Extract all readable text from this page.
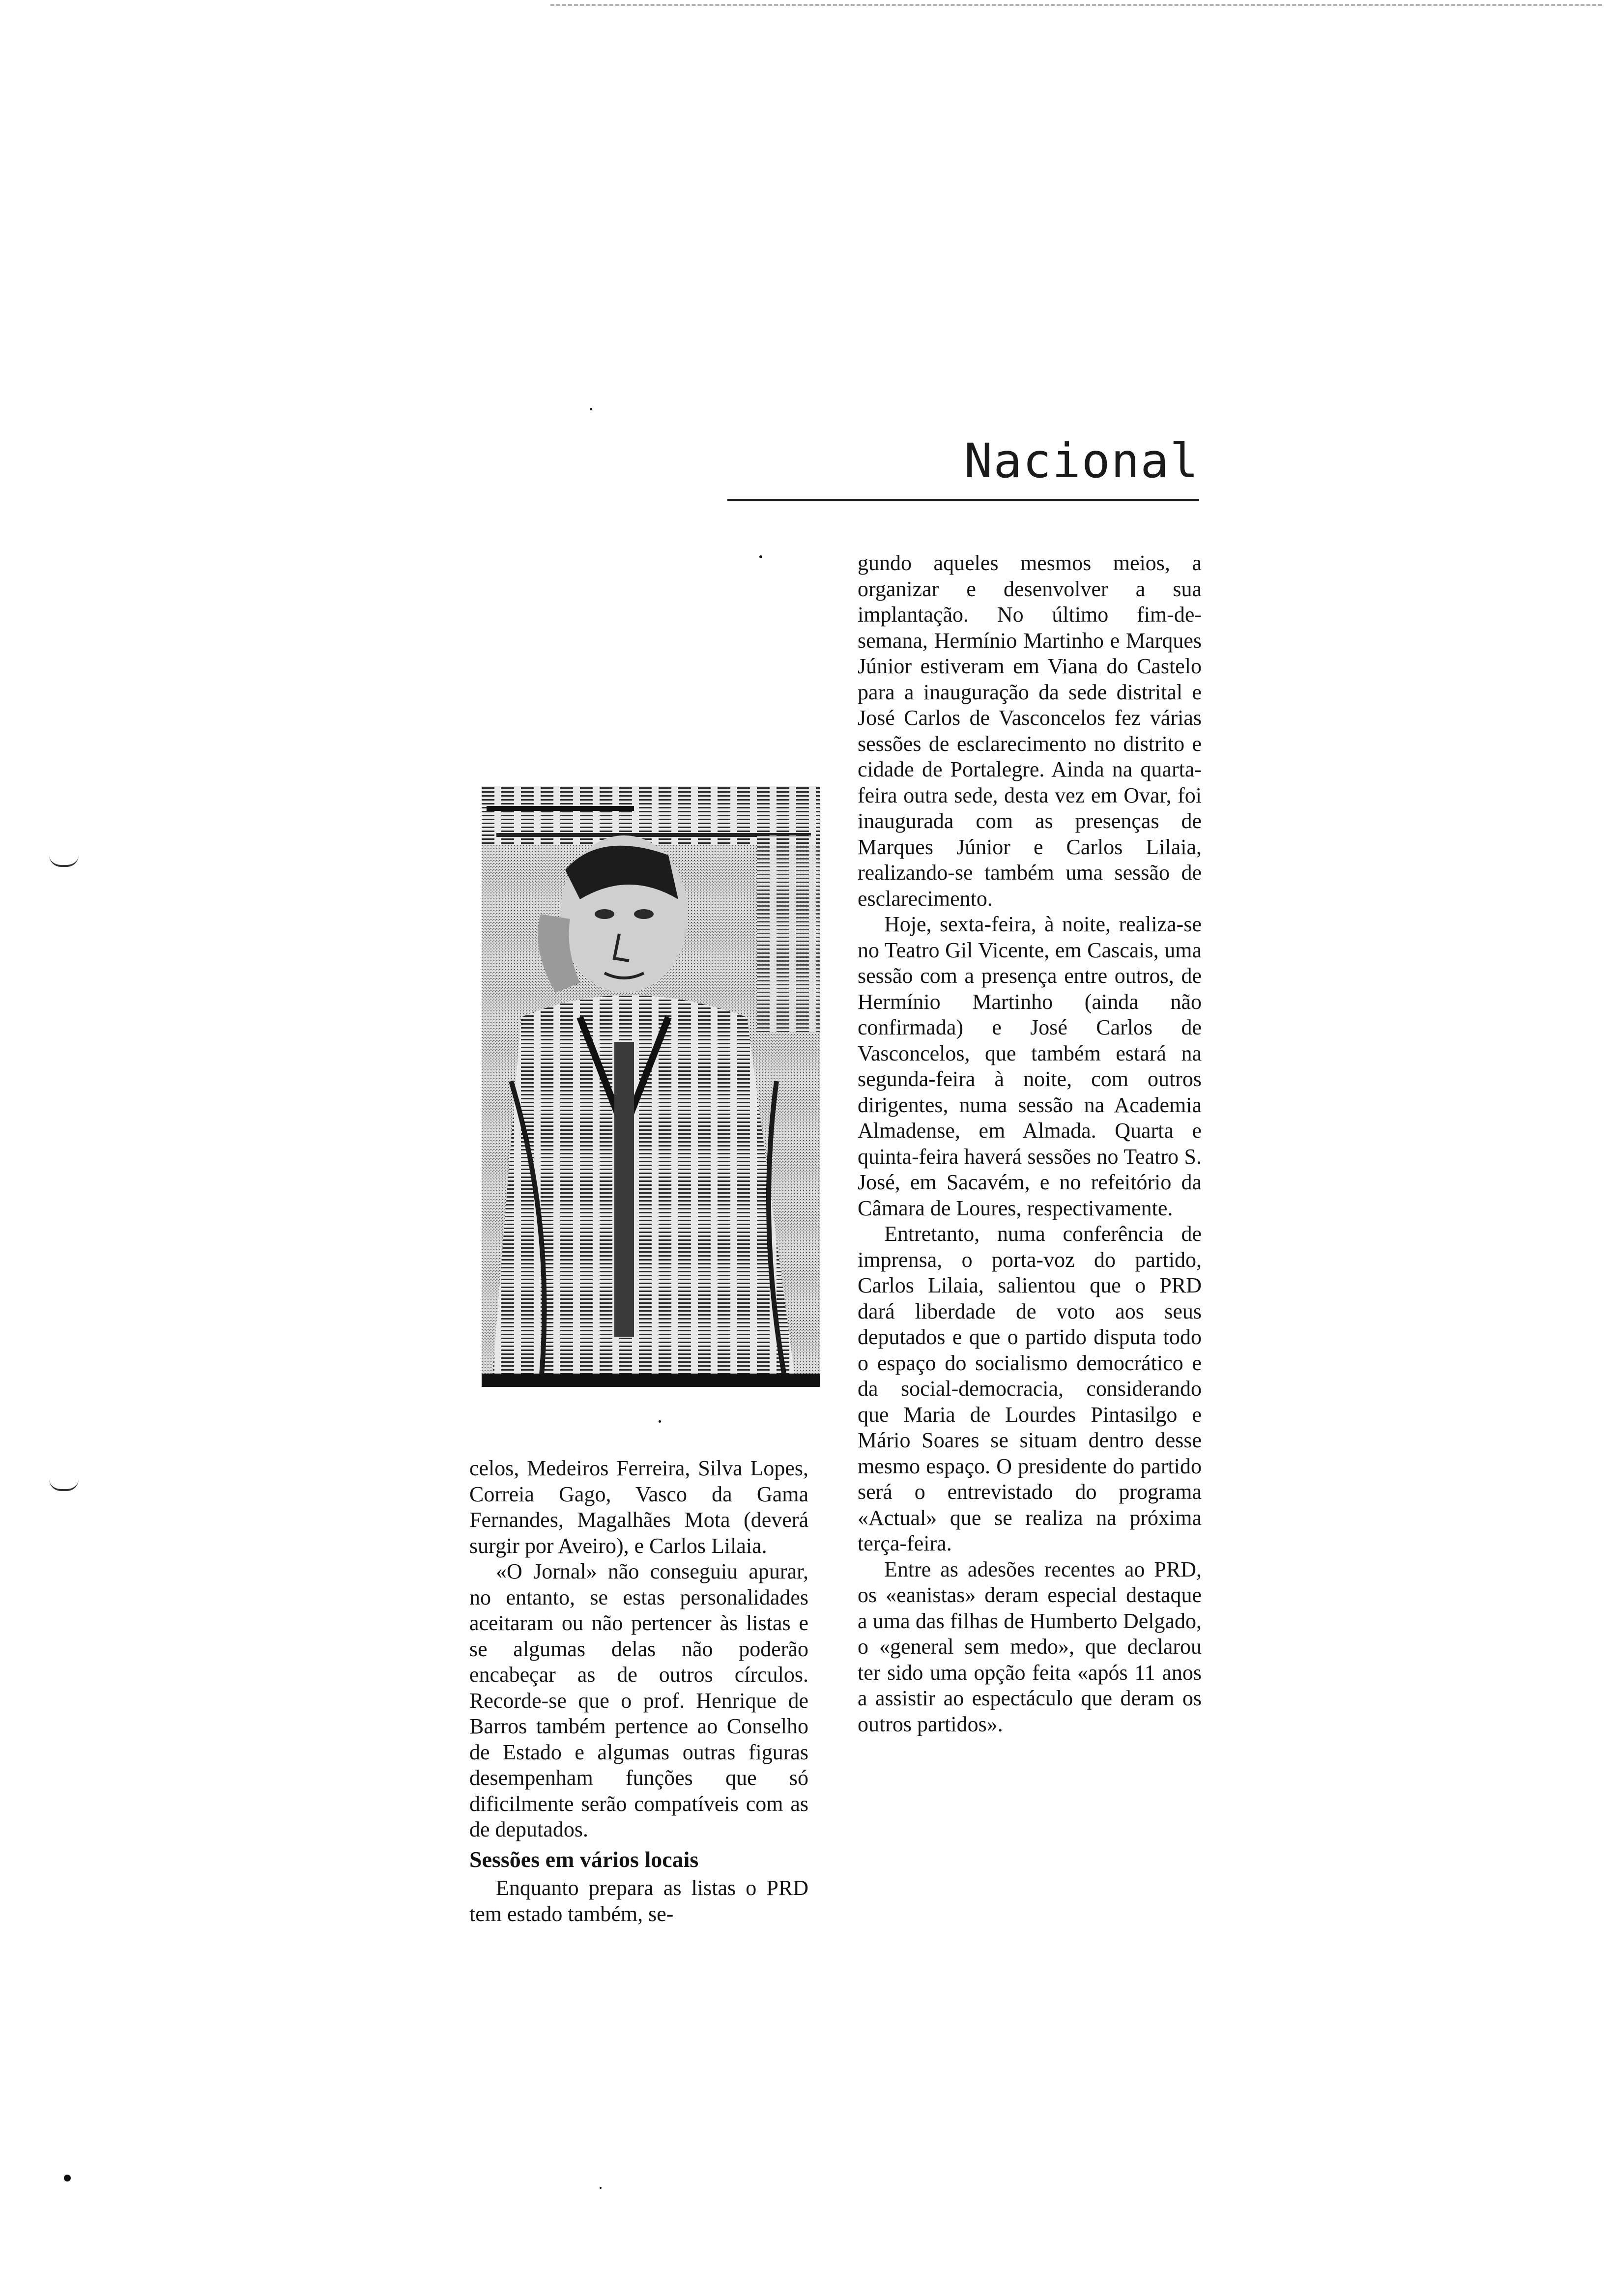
Nacional

celos, Medeiros Ferreira, Silva Lopes, Correia Gago, Vasco da Gama Fernandes, Magalhães Mota (deverá surgir por Aveiro), e Carlos Lilaia.

«O Jornal» não conseguiu apurar, no entanto, se estas personalidades aceitaram ou não pertencer às listas e se algumas delas não poderão encabeçar as de outros círculos. Recorde-se que o prof. Henrique de Barros também pertence ao Conselho de Estado e algumas outras figuras desempenham funções que só dificilmente serão compatíveis com as de deputados.

Sessões em vários locais

Enquanto prepara as listas o PRD tem estado também, se-

gundo aqueles mesmos meios, a organizar e desenvolver a sua implantação. No último fim-de-semana, Hermínio Martinho e Marques Júnior estiveram em Viana do Castelo para a inauguração da sede distrital e José Carlos de Vasconcelos fez várias sessões de esclarecimento no distrito e cidade de Portalegre. Ainda na quarta-feira outra sede, desta vez em Ovar, foi inaugurada com as presenças de Marques Júnior e Carlos Lilaia, realizando-se também uma sessão de esclarecimento.

Hoje, sexta-feira, à noite, realiza-se no Teatro Gil Vicente, em Cascais, uma sessão com a presença entre outros, de Hermínio Martinho (ainda não confirmada) e José Carlos de Vasconcelos, que também estará na segunda-feira à noite, com outros dirigentes, numa sessão na Academia Almadense, em Almada. Quarta e quinta-feira haverá sessões no Teatro S. José, em Sacavém, e no refeitório da Câmara de Loures, respectivamente.

Entretanto, numa conferência de imprensa, o porta-voz do partido, Carlos Lilaia, salientou que o PRD dará liberdade de voto aos seus deputados e que o partido disputa todo o espaço do socialismo democrático e da social-democracia, considerando que Maria de Lourdes Pintasilgo e Mário Soares se situam dentro desse mesmo espaço. O presidente do partido será o entrevistado do programa «Actual» que se realiza na próxima terça-feira.

Entre as adesões recentes ao PRD, os «eanistas» deram especial destaque a uma das filhas de Humberto Delgado, o «general sem medo», que declarou ter sido uma opção feita «após 11 anos a assistir ao espectáculo que deram os outros partidos».
